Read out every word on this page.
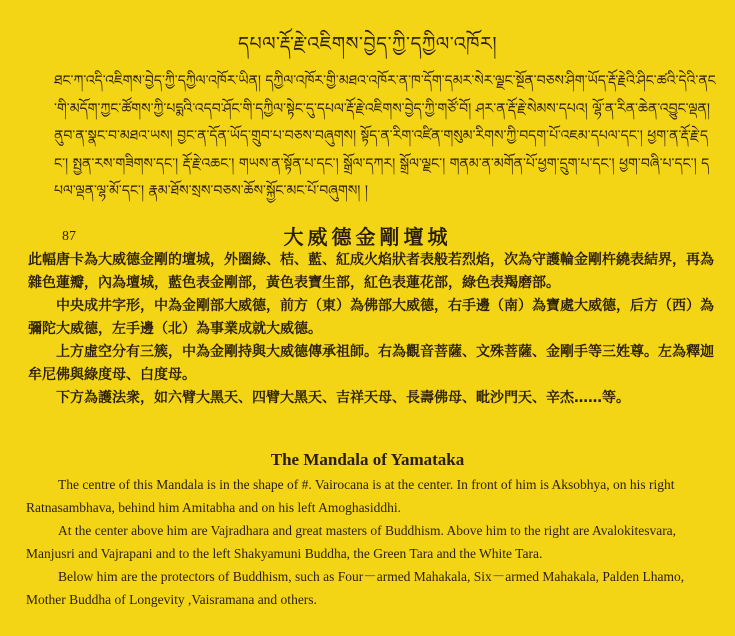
དཔལ་རྡོ་རྗེ་འཇིགས་བྱེད་ཀྱི་དཀྱིལ་འཁོར།
ཐང་ཀ་འདི་འཇིགས་བྱེད་ཀྱི་དཀྱིལ་འཁོར་ཡིན། དཀྱིལ་འཁོར་གྱི་མཐའ་འཁོར་ན་ཁ་དོག་དམར་སེར་ལྗང་སྔོན་བཅས་ཤིག་ཡོད་རྡོ་རྗེའི་ཤིང་ཚའི་དེའི་ནང་གི་མདོག་ཀྱང་ཚོགས་ཀྱི་པདྨའི་འདབ་ཤོང་གི་དཀྱིལ་སྟེང་དུ་དཔལ་རྡོ་རྗེ་འཇིགས་བྱེད་ཀྱི་གཙོ་བོ། ཤར་ན་རྡོ་རྗེ་སེམས་དཔའ། ལྷོ་ན་རིན་ཆེན་འབྱུང་ལྡན། ནུབ་ན་སྣང་བ་མཐའ་ཡས། བྱང་ན་དོན་ཡོད་གྲུབ་པ་བཅས་བཞུགས། སྟོད་ན་རིག་འཛིན་གསུམ་རིགས་ཀྱི་བདག་པོ་འཇམ་དཔལ་དང་། ཕྱག་ན་རྡོ་རྗེ་དང་། སྤྱན་རས་གཟིགས་དང་། རྡོ་རྗེ་འཆང་། གཡས་ན་སྟོན་པ་དང་། སྒྲོལ་དཀར། སྒྲོལ་ལྗང་། གནམ་ན་མགོན་པོ་ཕྱག་དྲུག་པ་དང་། ཕྱག་བཞི་པ་དང་། དཔལ་ལྡན་ལྷ་མོ་དང་། རྣམ་ཐོས་སྲས་བཅས་ཆོས་སྐྱོང་མང་པོ་བཞུགས། །
87	大威德金剛壇城

此幅唐卡為大威德金剛的壇城，外圈綠、桔、藍、紅成火焰狀者表般若烈焰，次為守護輪金剛杵繞表結界，再為雜色蓮瓣，內為壇城，藍色表金剛部，黃色表寶生部，紅色表蓮花部，綠色表羯磨部。

中央成井字形，中為金剛部大威德，前方（東）為佛部大威德，右手邊（南）為寶處大威德，后方（西）為彌陀大威德，左手邊（北）為事業成就大威德。

上方虛空分有三簇，中為金剛持與大威德傳承祖師。右為觀音菩薩、文殊菩薩、金剛手等三姓尊。左為釋迦牟尼佛與綠度母、白度母。

下方為護法衆，如六臂大黑天、四臂大黑天、吉祥天母、長壽佛母、毗沙門天、辛杰……等。

The Mandala of Yamataka

The centre of this Mandala is in the shape of #. Vairocana is at the center. In front of him is Aksobhya, on his right Ratnasambhava, behind him Amitabha and on his left Amoghasiddhi.

At the center above him are Vajradhara and great masters of Buddhism. Above him to the right are Avalokitesvara, Manjusri and Vajrapani and to the left Shakyamuni Buddha, the Green Tara and the White Tara.

Below him are the protectors of Buddhism, such as Four－armed Mahakala, Six－armed Mahakala, Palden Lhamo, Mother Buddha of Longevity ,Vaisramana and others.
